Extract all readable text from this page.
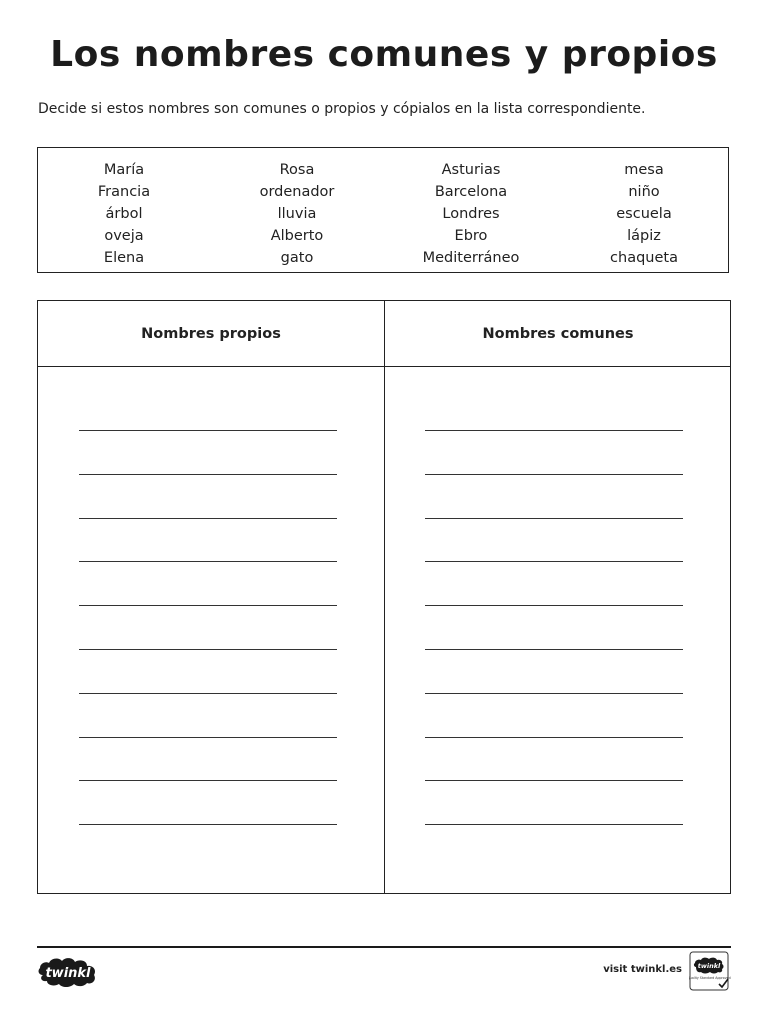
Los nombres comunes y propios
Decide si estos nombres son comunes o propios y cópialos en la lista correspondiente.
María
Francia
árbol
oveja
Elena
Rosa
ordenador
lluvia
Alberto
gato
Asturias
Barcelona
Londres
Ebro
Mediterráneo
mesa
niño
escuela
lápiz
chaqueta
Nombres propios	Nombres comunes
twinkl	visit twinkl.es twinkl
Quality Standard Approved
